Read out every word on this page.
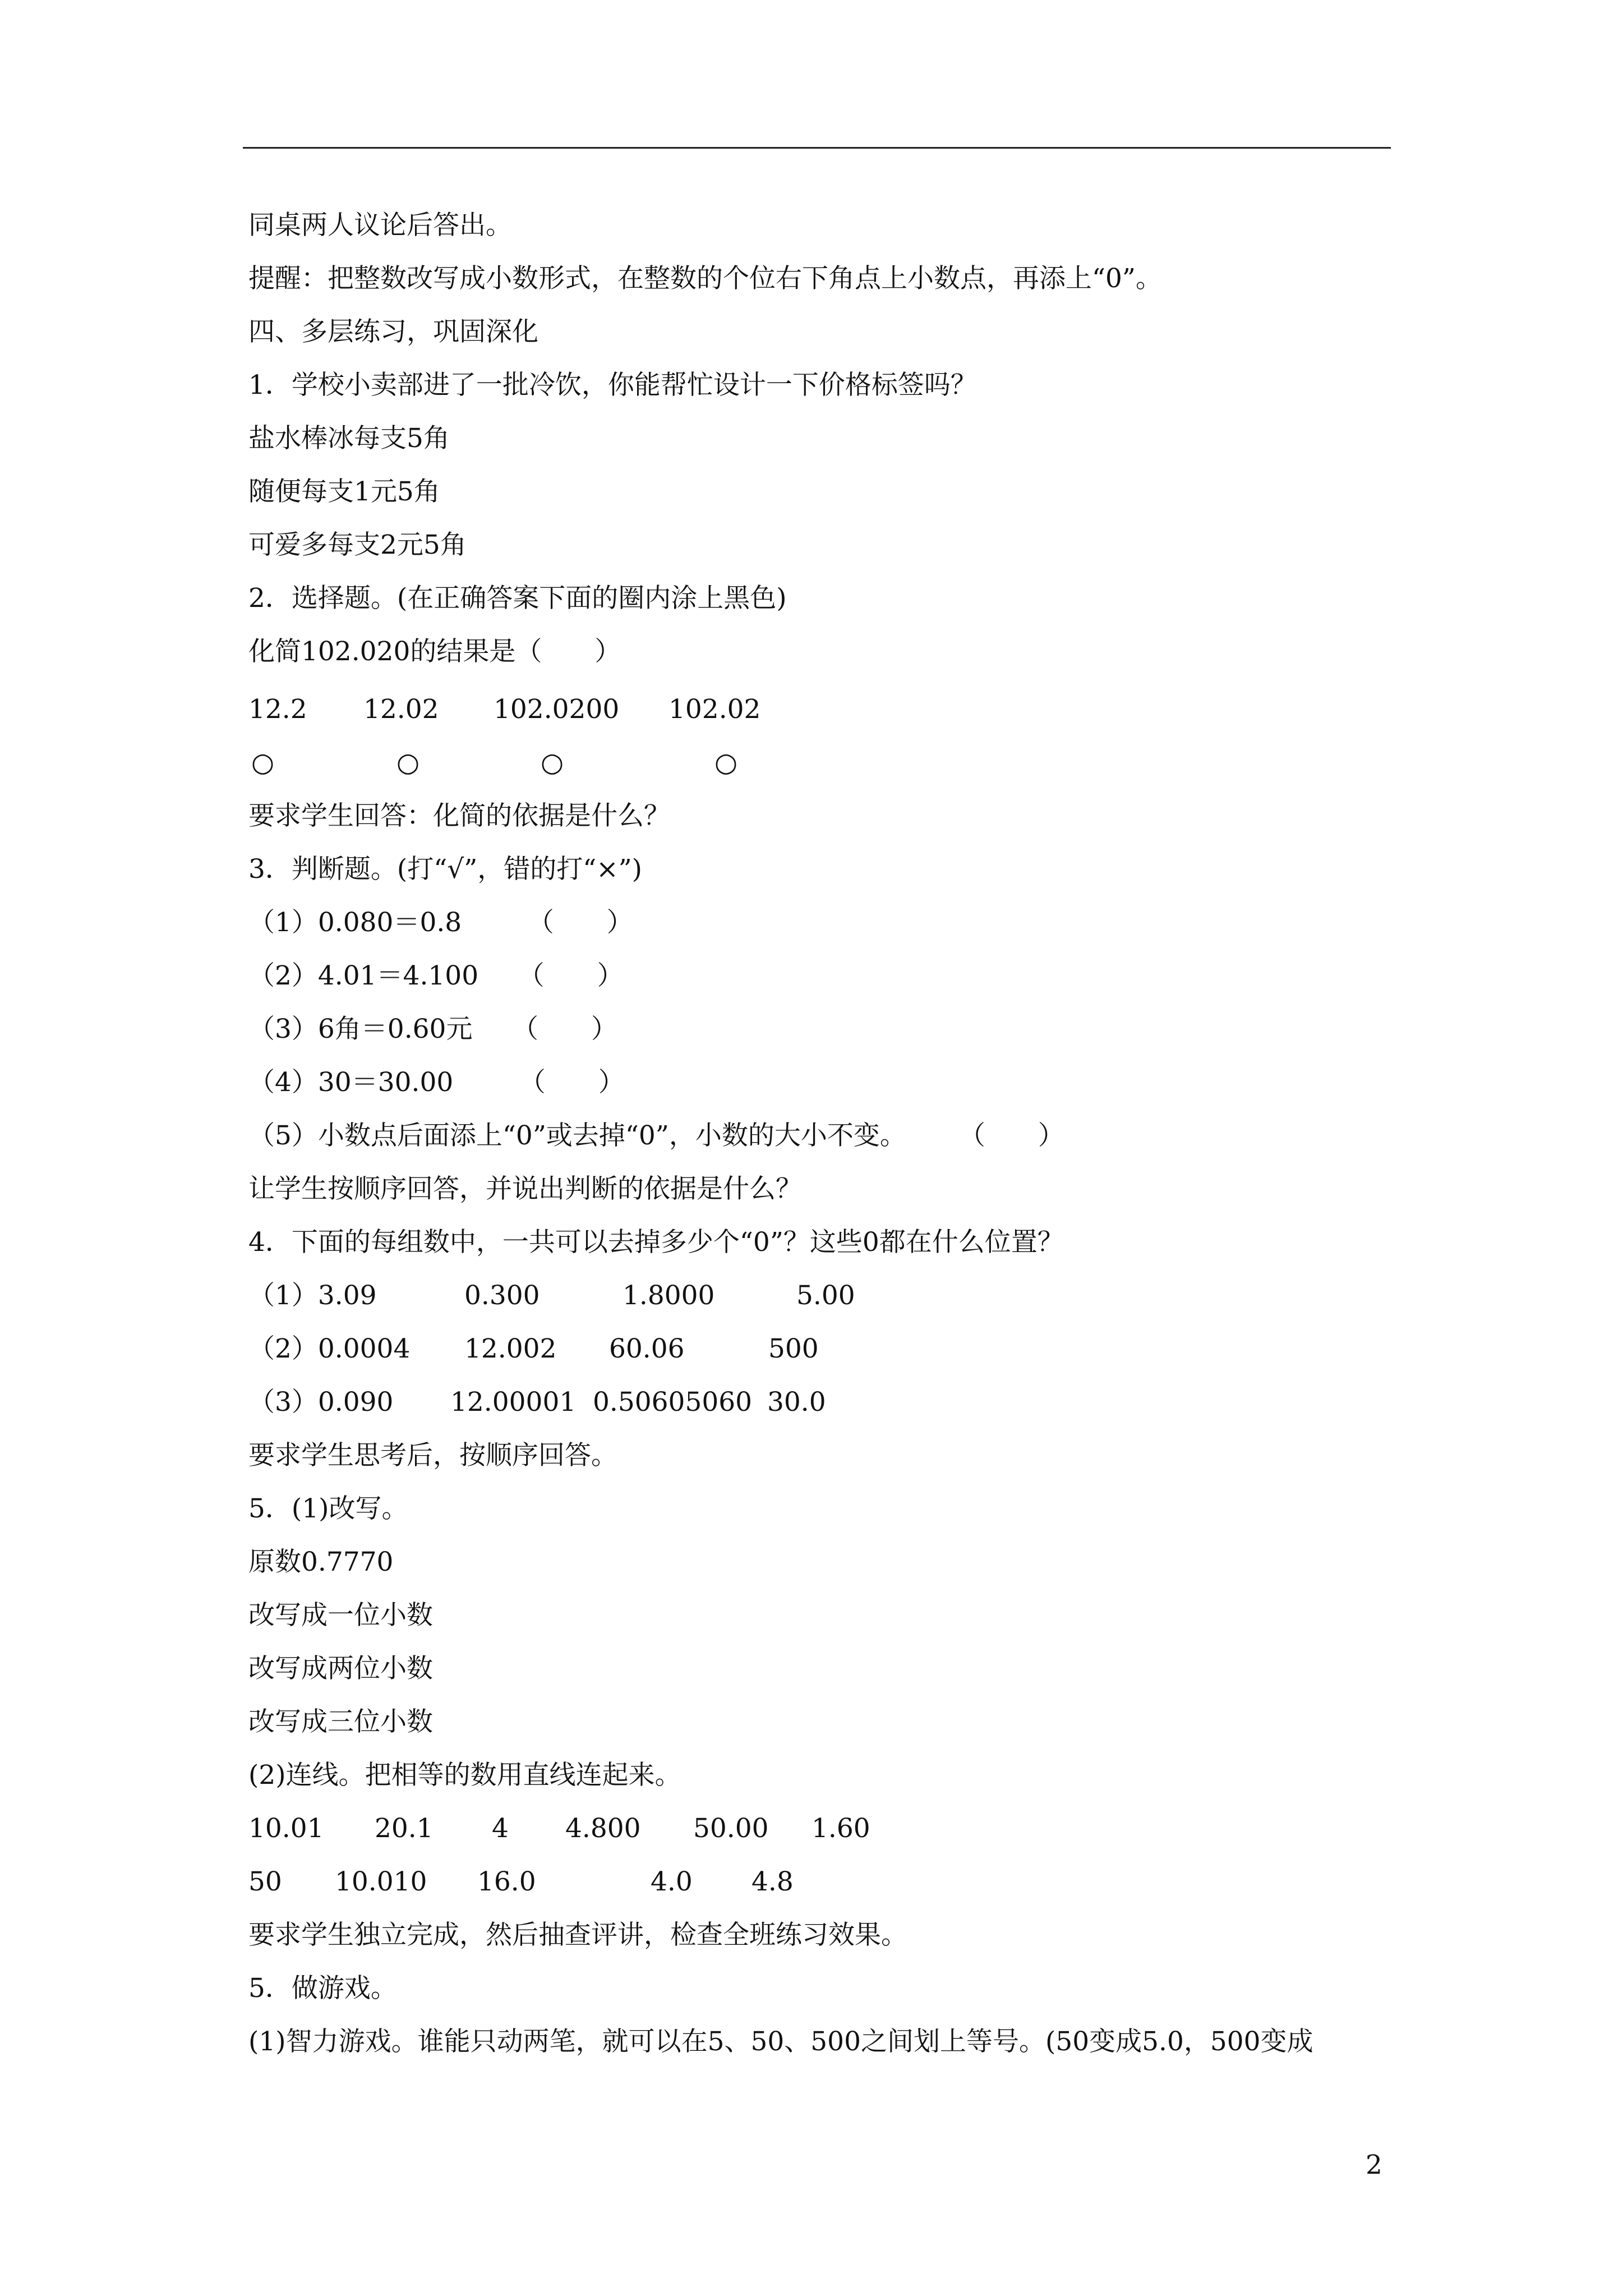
同桌两人议论后答出。
提醒：把整数改写成小数形式，在整数的个位右下角点上小数点，再添上“0”。
四、多层练习，巩固深化
1．学校小卖部进了一批冷饮，你能帮忙设计一下价格标签吗？
盐水棒冰每支5角
随便每支1元5角
可爱多每支2元5角
2．选择题。(在正确答案下面的圈内涂上黑色)
化简102.020的结果是（　　）
12.2 12.02 102.0200 102.02
○	○	○	○
要求学生回答：化简的依据是什么？
3．判断题。(打“√”，错的打“×”)
（1）0.080＝0.8　　　（　　）
（2）4.01＝4.100　　（　　）
（3）6角＝0.60元　　（　　）
（4）30＝30.00　　　（　　）
（5）小数点后面添上“0”或去掉“0”，小数的大小不变。　　　（　　）
让学生按顺序回答，并说出判断的依据是什么？
4．下面的每组数中，一共可以去掉多少个“0”？这些0都在什么位置？
（1）3.09	0.300	1.8000	5.00
（2）0.0004 12.002 60.06	500
（3）0.090 12.00001 0.50605060 30.0
要求学生思考后，按顺序回答。
5．(1)改写。
原数0.7770
改写成一位小数
改写成两位小数
改写成三位小数
(2)连线。把相等的数用直线连起来。
10.01 20.1 4 4.800 50.00 1.60
50 10.010 16.0	4.0 4.8
要求学生独立完成，然后抽查评讲，检查全班练习效果。
5．做游戏。
(1)智力游戏。谁能只动两笔，就可以在5、50、500之间划上等号。(50变成5.0，500变成
2
